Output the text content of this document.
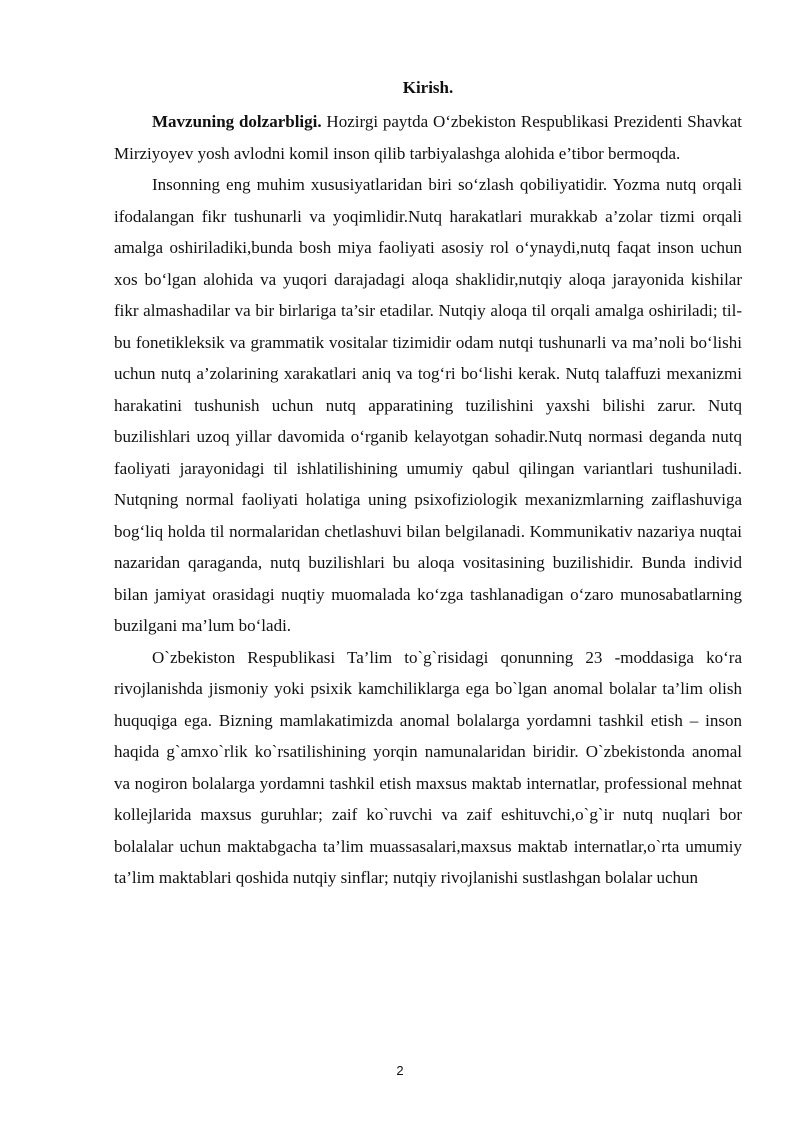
Kirish.

Mavzuning dolzarbligi. Hozirgi paytda O‘zbekiston Respublikasi Prezidenti Shavkat Mirziyoyev yosh avlodni komil inson qilib tarbiyalashga alohida e’tibor bermoqda.

Insonning eng muhim xususiyatlaridan biri so‘zlash qobiliyatidir. Yozma nutq orqali ifodalangan fikr tushunarli va yoqimlidir.Nutq harakatlari murakkab a’zolar tizmi orqali amalga oshiriladiki,bunda bosh miya faoliyati asosiy rol o‘ynaydi,nutq faqat inson uchun xos bo‘lgan alohida va yuqori darajadagi aloqa shaklidir,nutqiy aloqa jarayonida kishilar fikr almashadilar va bir birlariga ta’sir etadilar. Nutqiy aloqa til orqali amalga oshiriladi; til-bu fonetikleksik va grammatik vositalar tizimidir odam nutqi tushunarli va ma’noli bo‘lishi uchun nutq a’zolarining xarakatlari aniq va tog‘ri bo‘lishi kerak. Nutq talaffuzi mexanizmi harakatini tushunish uchun nutq apparatining tuzilishini yaxshi bilishi zarur. Nutq buzilishlari uzoq yillar davomida o‘rganib kelayotgan sohadir.Nutq normasi deganda nutq faoliyati jarayonidagi til ishlatilishining umumiy qabul qilingan variantlari tushuniladi. Nutqning normal faoliyati holatiga uning psixofiziologik mexanizmlarning zaiflashuviga bog‘liq holda til normalaridan chetlashuvi bilan belgilanadi. Kommunikativ nazariya nuqtai nazaridan qaraganda, nutq buzilishlari bu aloqa vositasining buzilishidir. Bunda individ bilan jamiyat orasidagi nuqtiy muomalada ko‘zga tashlanadigan o‘zaro munosabatlarning buzilgani ma’lum bo‘ladi.

O`zbekiston Respublikasi Ta’lim to`g`risidagi qonunning 23 -moddasiga ko‘ra rivojlanishda jismoniy yoki psixik kamchiliklarga ega bo`lgan anomal bolalar ta’lim olish huquqiga ega. Bizning mamlakatimizda anomal bolalarga yordamni tashkil etish – inson haqida g`amxo`rlik ko`rsatilishining yorqin namunalaridan biridir. O`zbekistonda anomal va nogiron bolalarga yordamni tashkil etish maxsus maktab internatlar, professional mehnat kollejlarida maxsus guruhlar; zaif ko`ruvchi va zaif eshituvchi,o`g`ir nutq nuqlari bor bolalalar uchun maktabgacha ta’lim muassasalari,maxsus maktab internatlar,o`rta umumiy ta’lim maktablari qoshida nutqiy sinflar; nutqiy rivojlanishi sustlashgan bolalar uchun

2
